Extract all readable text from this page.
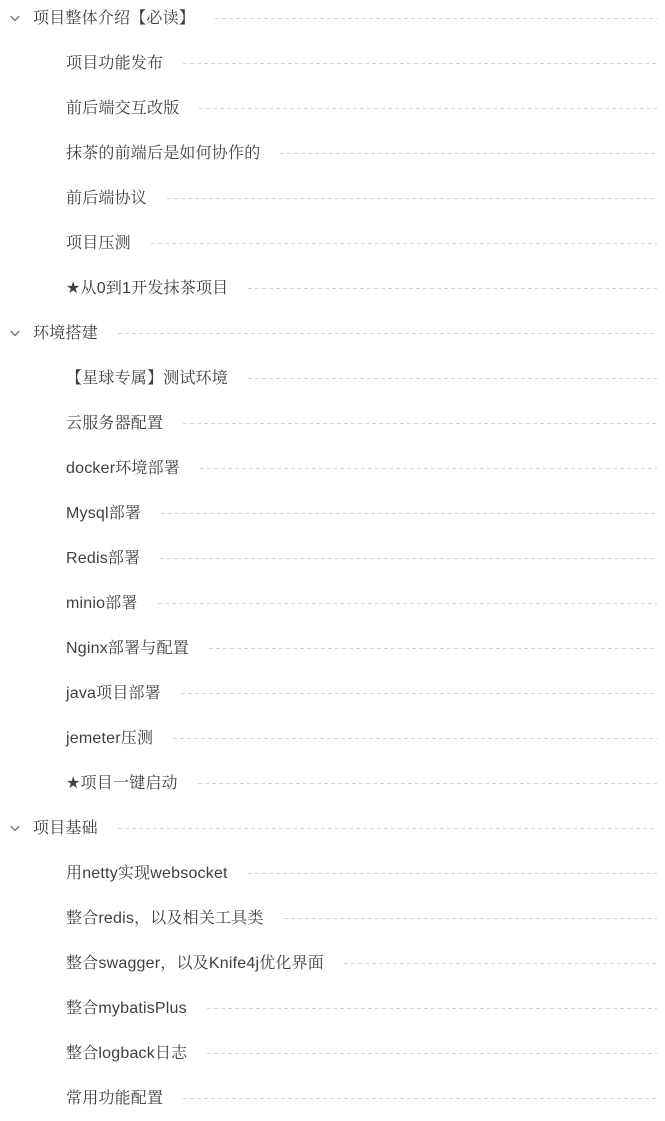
项目整体介绍【必读】
项目功能发布
前后端交互改版
抹茶的前端后是如何协作的
前后端协议
项目压测
★从0到1开发抹茶项目
环境搭建
【星球专属】测试环境
云服务器配置
docker环境部署
Mysql部署
Redis部署
minio部署
Nginx部署与配置
java项目部署
jemeter压测
★项目一键启动
项目基础
用netty实现websocket
整合redis，以及相关工具类
整合swagger，以及Knife4j优化界面
整合mybatisPlus
整合logback日志
常用功能配置
